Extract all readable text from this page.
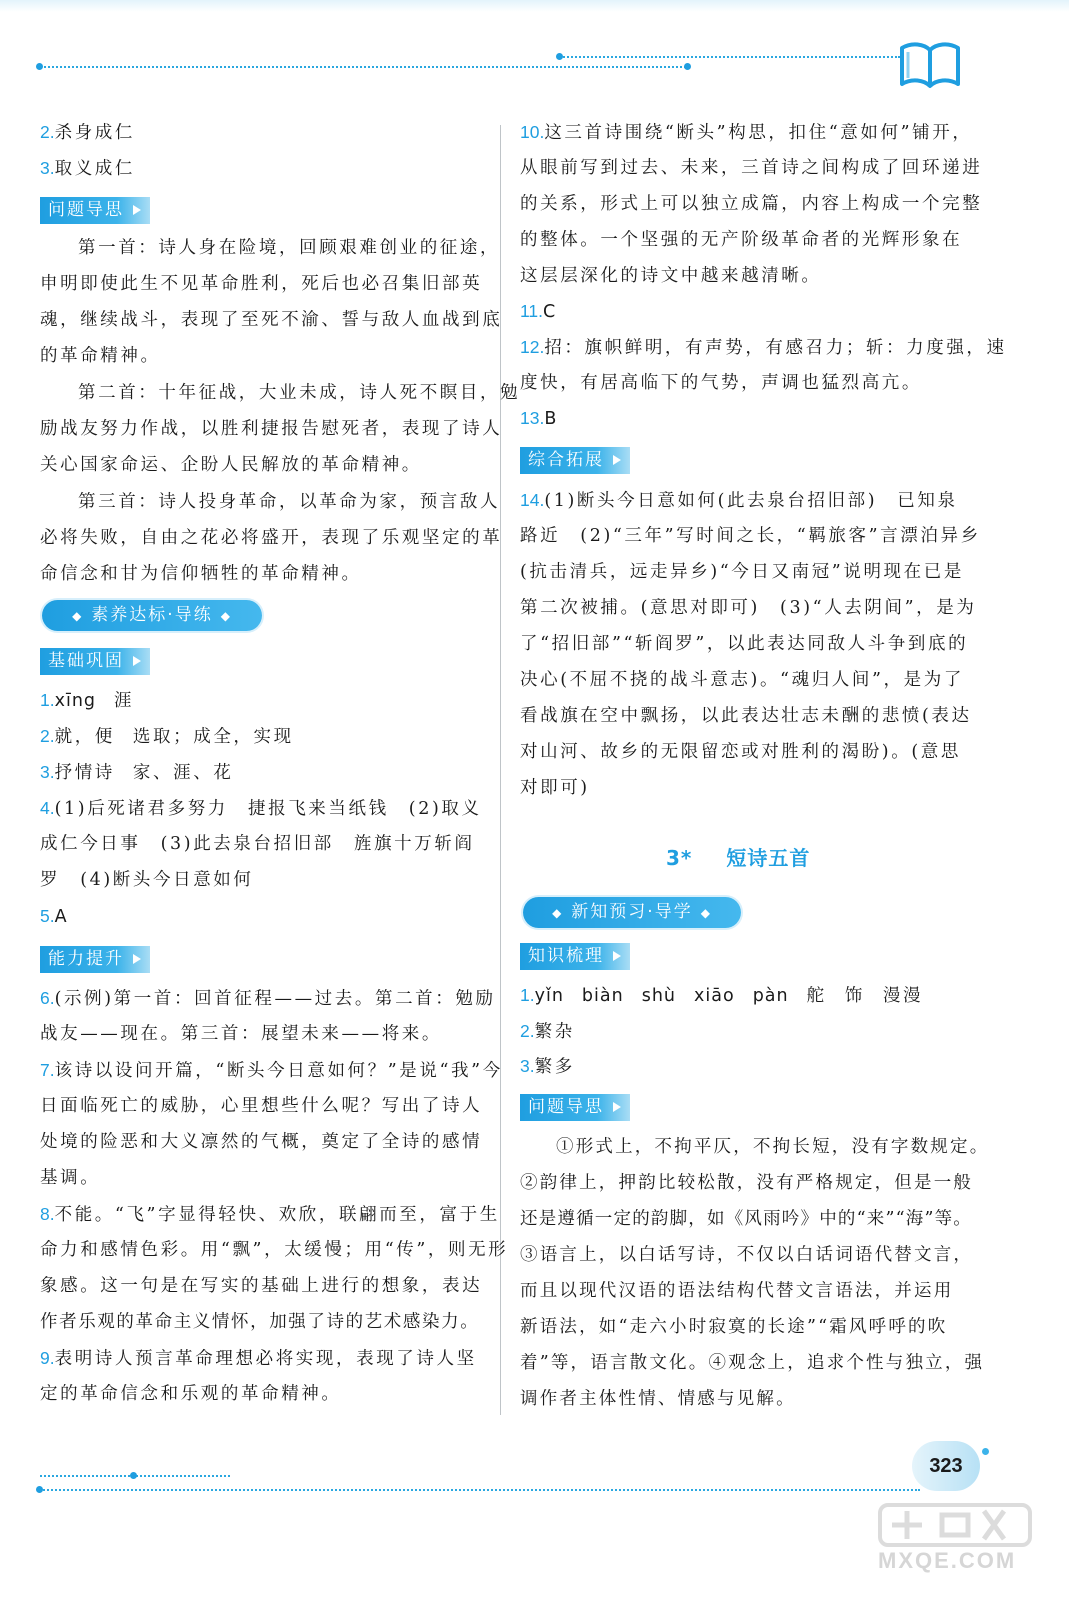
2.杀身成仁
3.取义成仁
问题导思
第一首：诗人身在险境，回顾艰难创业的征途，
申明即使此生不见革命胜利，死后也必召集旧部英
魂，继续战斗，表现了至死不渝、誓与敌人血战到底
的革命精神。
第二首：十年征战，大业未成，诗人死不瞑目，勉
励战友努力作战，以胜利捷报告慰死者，表现了诗人
关心国家命运、企盼人民解放的革命精神。
第三首：诗人投身革命，以革命为家，预言敌人
必将失败，自由之花必将盛开，表现了乐观坚定的革
命信念和甘为信仰牺牲的革命精神。
◆ 素养达标·导练 ◆
基础巩固
1.xīng 涯
2.就，便 选取；成全，实现
3.抒情诗 家、涯、花
4.(1)后死诸君多努力　捷报飞来当纸钱　(2)取义
成仁今日事　(3)此去泉台招旧部　旌旗十万斩阎
罗　(4)断头今日意如何
5.A
能力提升
6.(示例)第一首：回首征程——过去。第二首：勉励
战友——现在。第三首：展望未来——将来。
7.该诗以设问开篇，“断头今日意如何？”是说“我”今
日面临死亡的威胁，心里想些什么呢？写出了诗人
处境的险恶和大义凛然的气概，奠定了全诗的感情
基调。
8.不能。“飞”字显得轻快、欢欣，联翩而至，富于生
命力和感情色彩。用“飘”，太缓慢；用“传”，则无形
象感。这一句是在写实的基础上进行的想象，表达
作者乐观的革命主义情怀，加强了诗的艺术感染力。
9.表明诗人预言革命理想必将实现，表现了诗人坚
定的革命信念和乐观的革命精神。
10.这三首诗围绕“断头”构思，扣住“意如何”铺开，
从眼前写到过去、未来，三首诗之间构成了回环递进
的关系，形式上可以独立成篇，内容上构成一个完整
的整体。一个坚强的无产阶级革命者的光辉形象在
这层层深化的诗文中越来越清晰。
11.C
12.招：旗帜鲜明，有声势，有感召力；斩：力度强，速
度快，有居高临下的气势，声调也猛烈高亢。
13.B
综合拓展
14.(1)断头今日意如何(此去泉台招旧部)　已知泉
路近　(2)“三年”写时间之长，“羁旅客”言漂泊异乡
(抗击清兵，远走异乡)“今日又南冠”说明现在已是
第二次被捕。(意思对即可)　(3)“人去阴间”，是为
了“招旧部”“斩阎罗”，以此表达同敌人斗争到底的
决心(不屈不挠的战斗意志)。“魂归人间”，是为了
看战旗在空中飘扬，以此表达壮志未酬的悲愤(表达
对山河、故乡的无限留恋或对胜利的渴盼)。(意思
对即可)
3* 短诗五首
◆ 新知预习·导学 ◆
知识梳理
1.yǐn biàn shù xiāo pàn 舵 饰 漫漫
2.繁杂
3.繁多
问题导思
①形式上，不拘平仄，不拘长短，没有字数规定。
②韵律上，押韵比较松散，没有严格规定，但是一般
还是遵循一定的韵脚，如《风雨吟》中的“来”“海”等。
③语言上，以白话写诗，不仅以白话词语代替文言，
而且以现代汉语的语法结构代替文言语法，并运用
新语法，如“走六小时寂寞的长途”“霜风呼呼的吹
着”等，语言散文化。④观念上，追求个性与独立，强
调作者主体性情、情感与见解。
323
MXQE.COM
